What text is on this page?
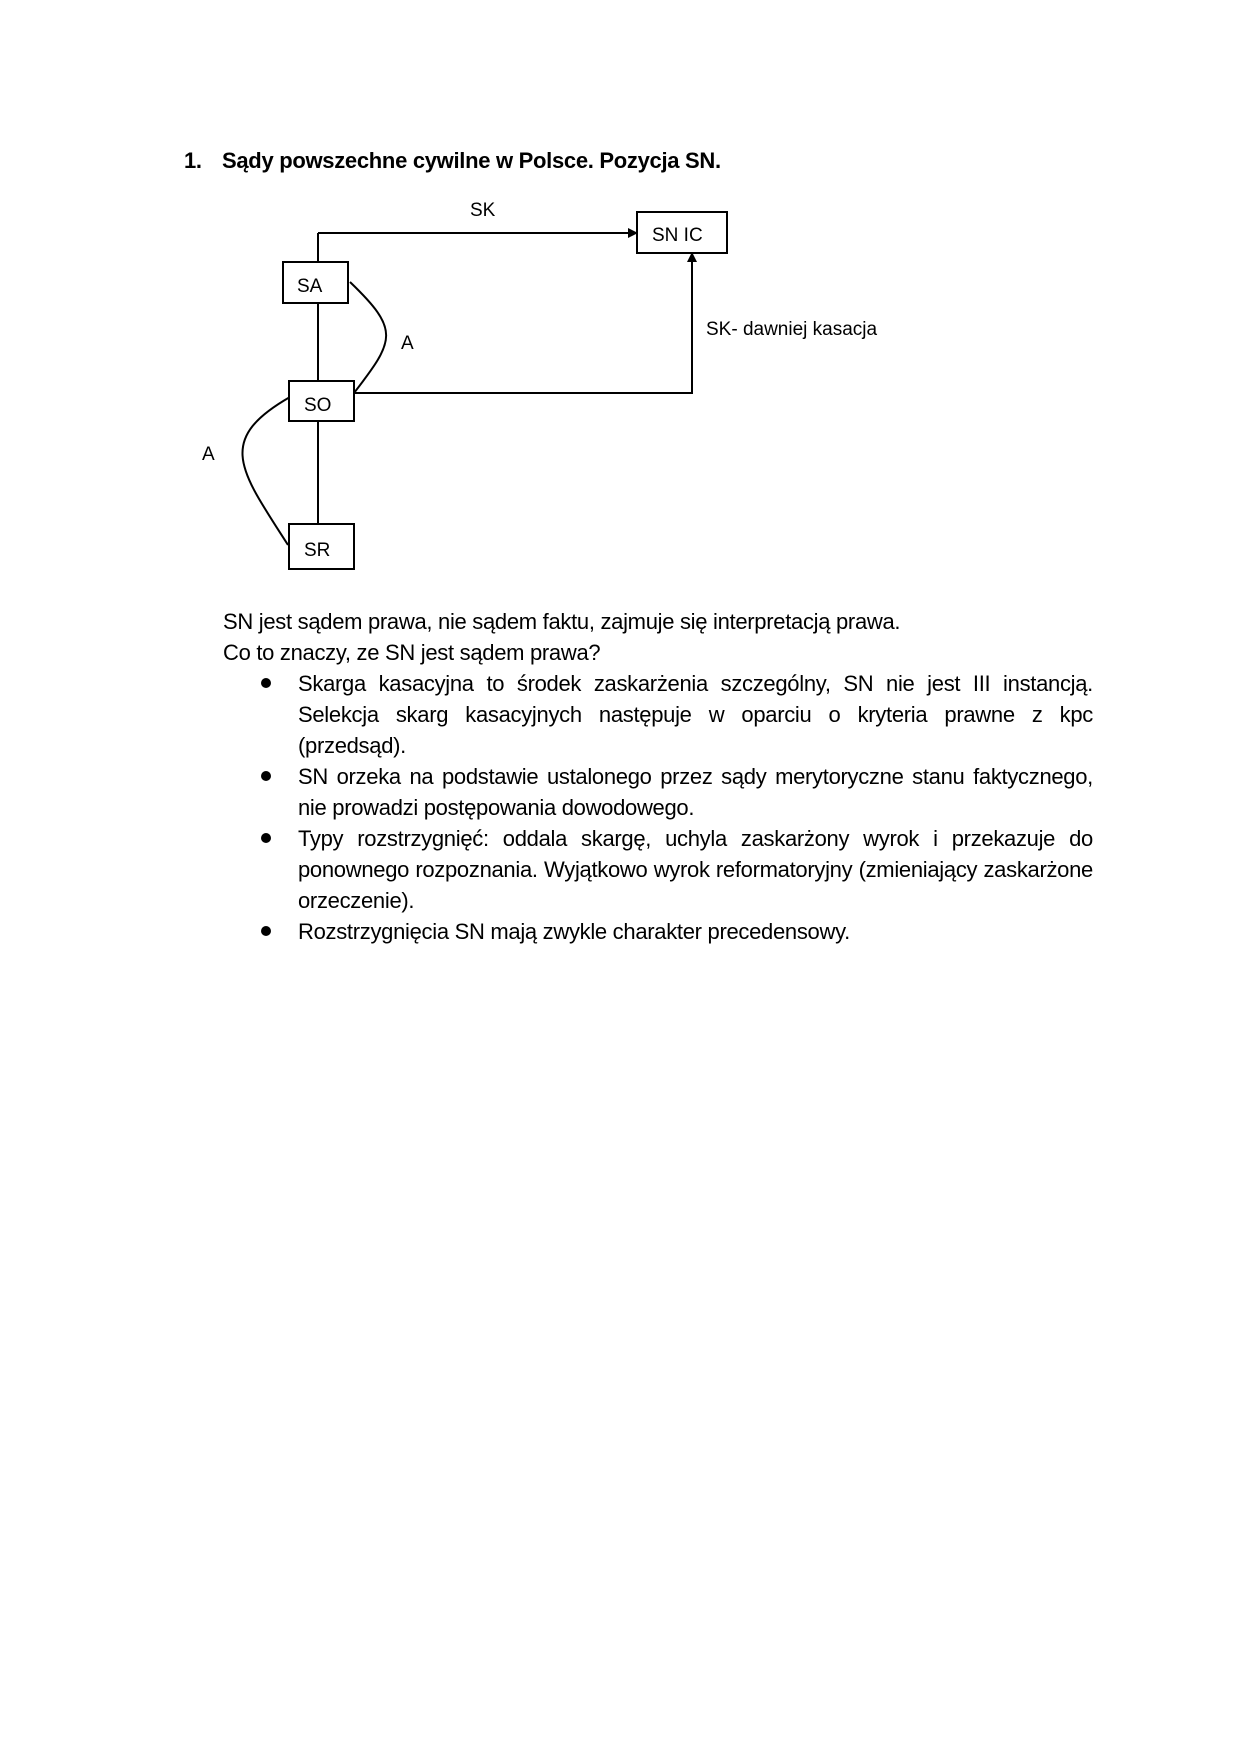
1. Sądy powszechne cywilne w Polsce. Pozycja SN.
SN IC
SA
SO
SR
SK
SK- dawniej kasacja
A
A

SN jest sądem prawa, nie sądem faktu, zajmuje się interpretacją prawa.

Co to znaczy, ze SN jest sądem prawa?

Skarga kasacyjna to środek zaskarżenia szczególny, SN nie jest III instancją. Selekcja skarg kasacyjnych następuje w oparciu o kryteria prawne z kpc (przedsąd).
SN orzeka na podstawie ustalonego przez sądy merytoryczne stanu faktycznego, nie prowadzi postępowania dowodowego.
Typy rozstrzygnięć: oddala skargę, uchyla zaskarżony wyrok i przekazuje do ponownego rozpoznania. Wyjątkowo wyrok reformatoryjny (zmieniający zaskarżone orzeczenie).
Rozstrzygnięcia SN mają zwykle charakter precedensowy.
